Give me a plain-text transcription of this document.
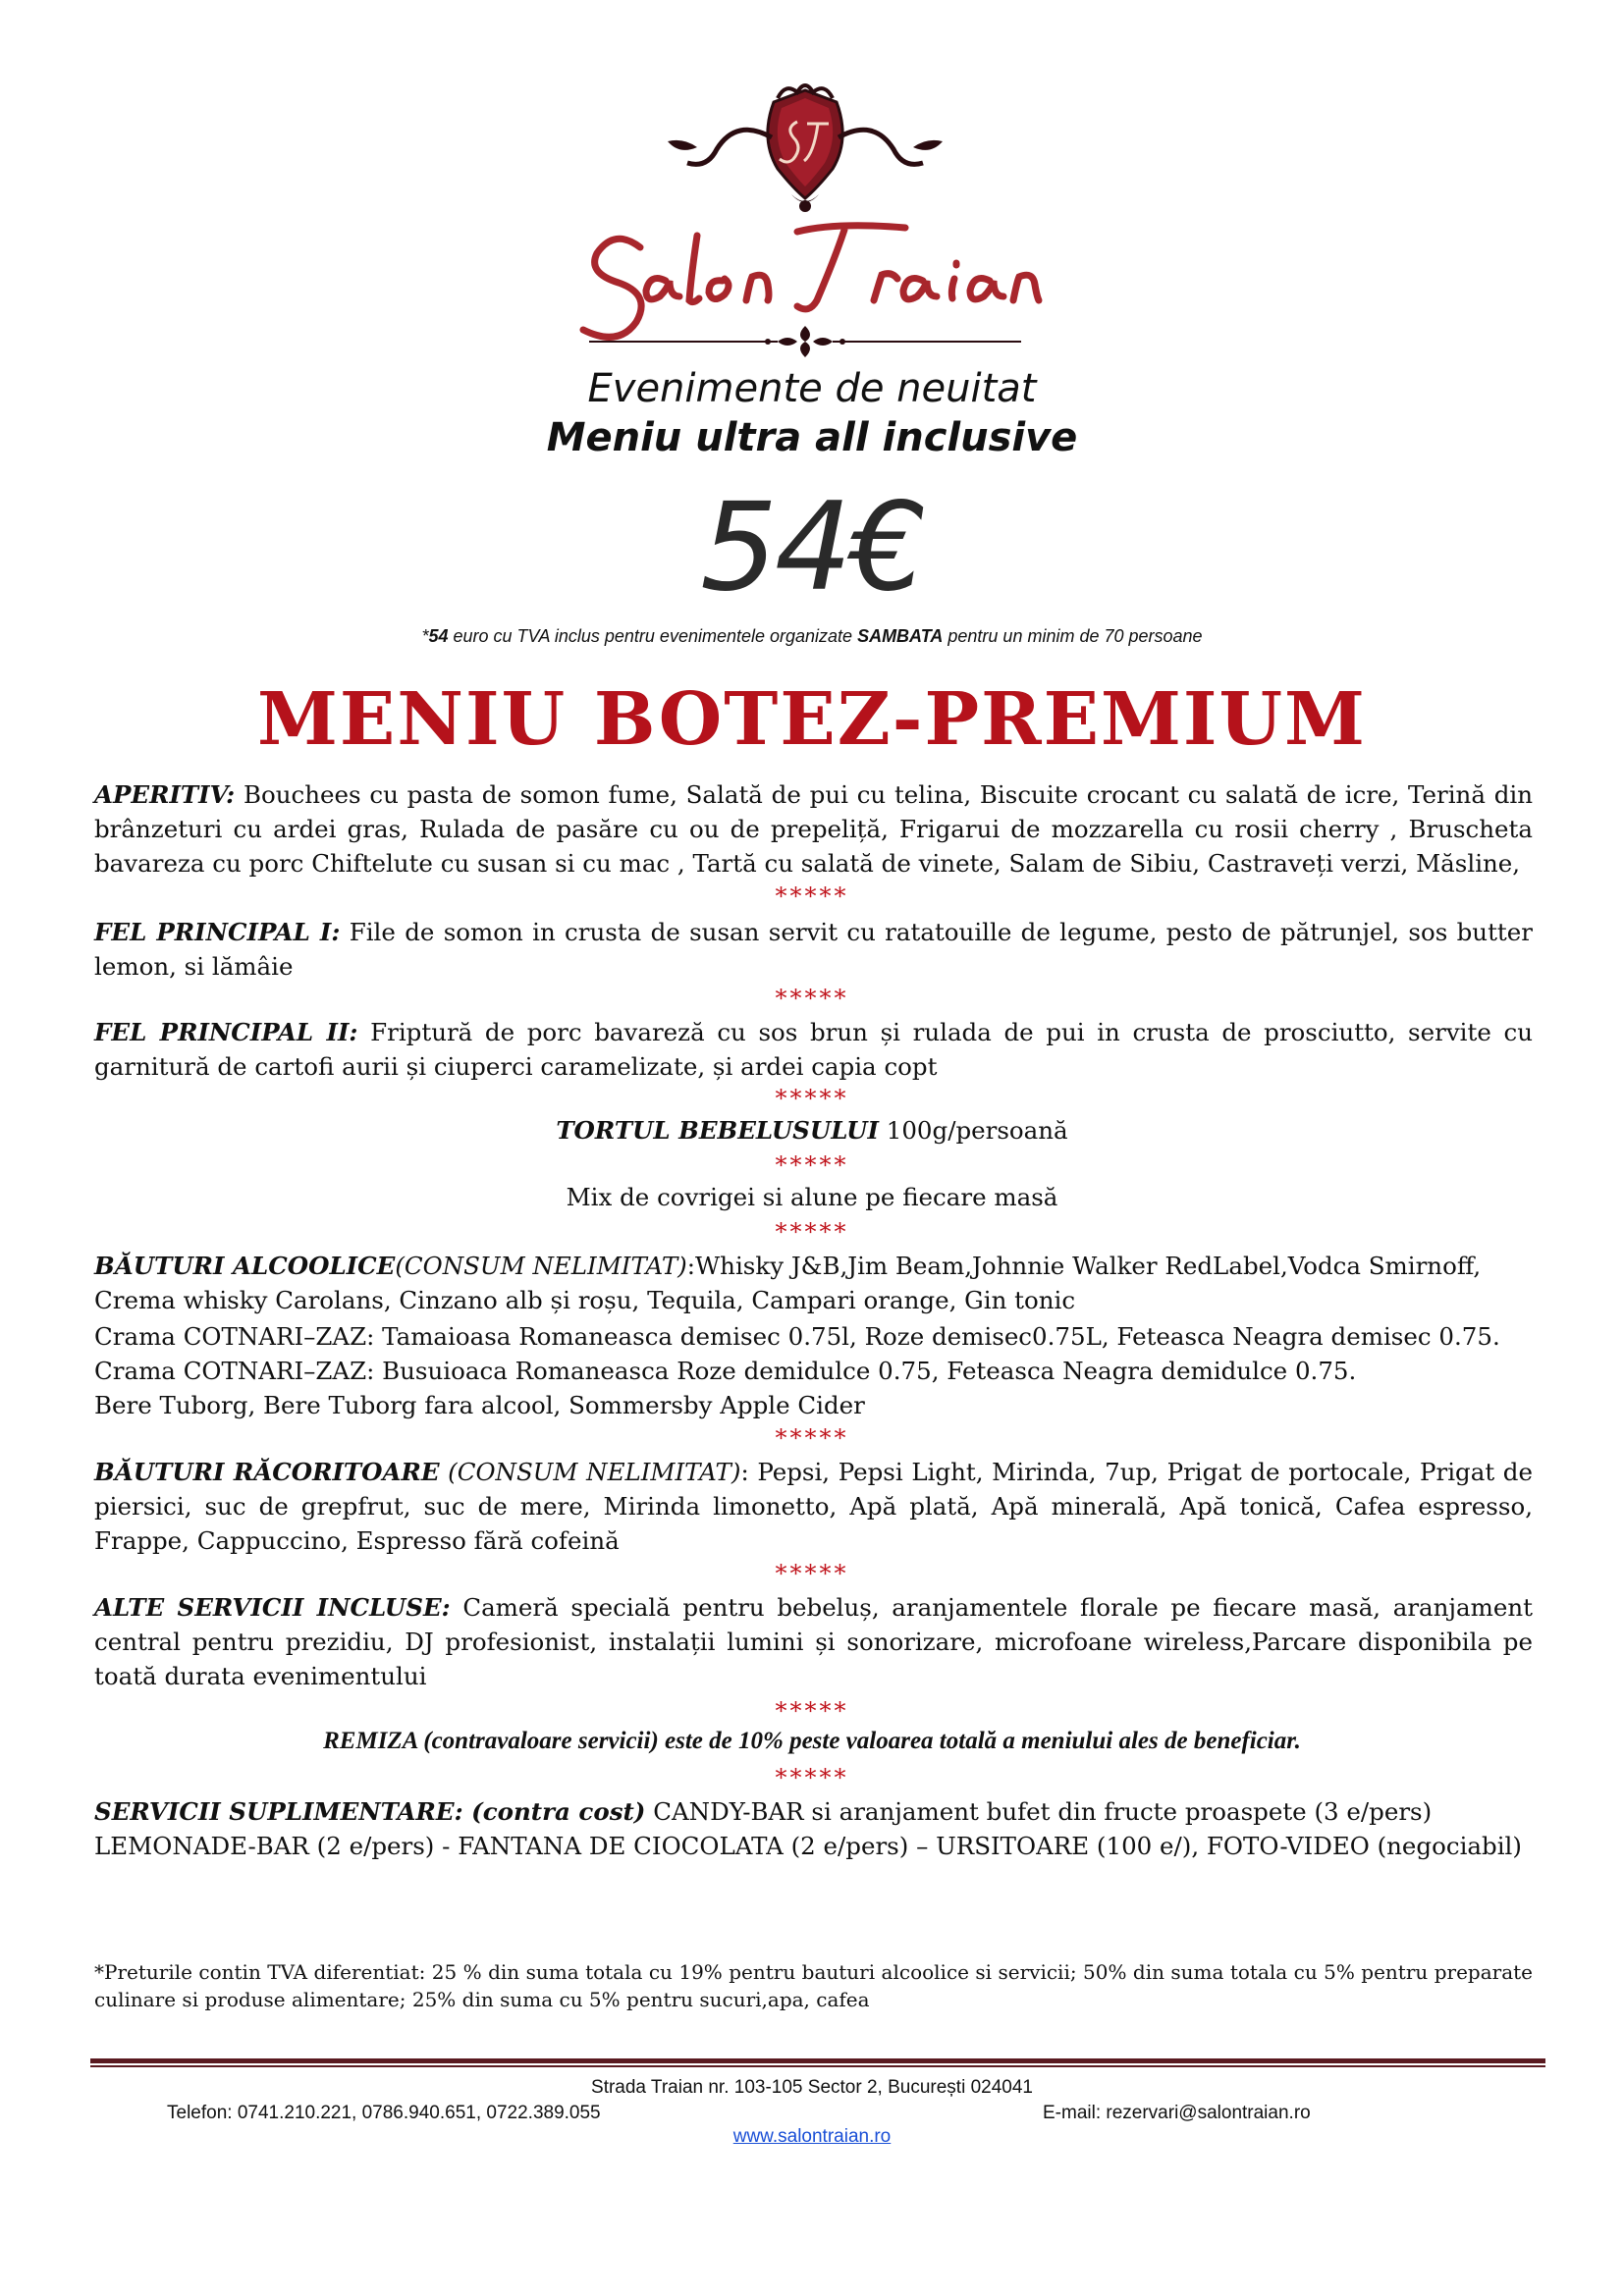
Evenimente de neuitat
Meniu ultra all inclusive
54€
*54 euro cu TVA inclus pentru evenimentele organizate SAMBATA pentru un minim de 70 persoane
MENIU BOTEZ-PREMIUM
APERITIV: Bouchees cu pasta de somon fume, Salată de pui cu telina, Biscuite crocant cu salată de icre, Terină din brânzeturi cu ardei gras, Rulada de pasăre cu ou de prepeliță, Frigarui de mozzarella cu rosii cherry , Bruscheta bavareza cu porc Chiftelute cu susan si cu mac , Tartă cu salată de vinete, Salam de Sibiu, Castraveți verzi, Măsline,
*****
FEL PRINCIPAL I: File de somon in crusta de susan servit cu ratatouille de legume, pesto de pătrunjel, sos butter lemon, si lămâie
*****
FEL PRINCIPAL II: Friptură de porc bavareză cu sos brun și rulada de pui in crusta de prosciutto, servite cu garnitură de cartofi aurii și ciuperci caramelizate, și ardei capia copt
*****
TORTUL BEBELUSULUI 100g/persoană
*****
Mix de covrigei si alune pe fiecare masă
*****
BĂUTURI ALCOOLICE(CONSUM NELIMITAT):Whisky J&B,Jim Beam,Johnnie Walker RedLabel,Vodca Smirnoff, Crema whisky Carolans, Cinzano alb și roșu, Tequila, Campari orange, Gin tonic
Crama COTNARI–ZAZ: Tamaioasa Romaneasca demisec 0.75l, Roze demisec0.75L, Feteasca Neagra demisec 0.75.
Crama COTNARI–ZAZ: Busuioaca Romaneasca Roze demidulce 0.75, Feteasca Neagra demidulce 0.75.
Bere Tuborg, Bere Tuborg fara alcool, Sommersby Apple Cider
*****
BĂUTURI RĂCORITOARE (CONSUM NELIMITAT): Pepsi, Pepsi Light, Mirinda, 7up, Prigat de portocale, Prigat de piersici, suc de grepfrut, suc de mere, Mirinda limonetto, Apă plată, Apă minerală, Apă tonică, Cafea espresso, Frappe, Cappuccino, Espresso fără cofeină
*****
ALTE SERVICII INCLUSE: Cameră specială pentru bebeluș, aranjamentele florale pe fiecare masă, aranjament central pentru prezidiu, DJ profesionist, instalații lumini și sonorizare, microfoane wireless,Parcare disponibila pe toată durata evenimentului
*****
REMIZA (contravaloare servicii) este de 10% peste valoarea totală a meniului ales de beneficiar.
*****
SERVICII SUPLIMENTARE: (contra cost) CANDY-BAR si aranjament bufet din fructe proaspete (3 e/pers) LEMONADE-BAR (2 e/pers) - FANTANA DE CIOCOLATA (2 e/pers) – URSITOARE (100 e/), FOTO-VIDEO (negociabil)
*Preturile contin TVA diferentiat: 25 % din suma totala cu 19% pentru bauturi alcoolice si servicii; 50% din suma totala cu 5% pentru preparate culinare si produse alimentare; 25% din suma cu 5% pentru sucuri,apa, cafea
Strada Traian nr. 103-105 Sector 2, București 024041
Telefon: 0741.210.221, 0786.940.651, 0722.389.055	E-mail: rezervari@salontraian.ro
www.salontraian.ro
